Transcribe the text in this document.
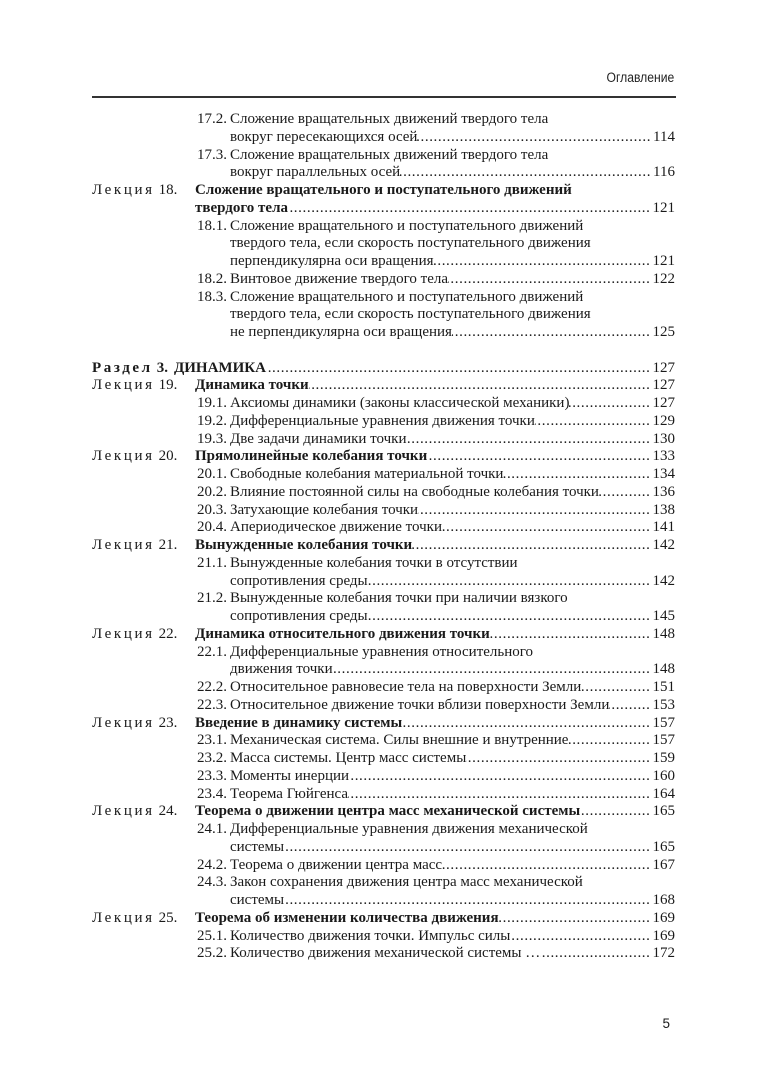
Оглавление
17.2. Сложение вращательных движений твердого тела
вокруг пересекающихся осей .....	114
17.3. Сложение вращательных движений твердого тела
вокруг параллельных осей .....	116
Лекция 18.	Сложение вращательного и поступательного движений
твердого тела .....	121
18.1. Сложение вращательного и поступательного движений
твердого тела, если скорость поступательного движения
перпендикулярна оси вращения .....	121
18.2. Винтовое движение твердого тела .....	122
18.3. Сложение вращательного и поступательного движений
твердого тела, если скорость поступательного движения
не перпендикулярна оси вращения .....	125
Раздел 3. ДИНАМИКА .....	127
Лекция 19.	Динамика точки .....	127
19.1. Аксиомы динамики (законы классической механики) .....	127
19.2. Дифференциальные уравнения движения точки .....	129
19.3. Две задачи динамики точки .....	130
Лекция 20.	Прямолинейные колебания точки .....	133
20.1. Свободные колебания материальной точки .....	134
20.2. Влияние постоянной силы на свободные колебания точки .....	136
20.3. Затухающие колебания точки .....	138
20.4. Апериодическое движение точки .....	141
Лекция 21.	Вынужденные колебания точки .....	142
21.1. Вынужденные колебания точки в отсутствии
сопротивления среды .....	142
21.2. Вынужденные колебания точки при наличии вязкого
сопротивления среды .....	145
Лекция 22.	Динамика относительного движения точки .....	148
22.1. Дифференциальные уравнения относительного
движения точки .....	148
22.2. Относительное равновесие тела на поверхности Земли .....	151
22.3. Относительное движение точки вблизи поверхности Земли .....	153
Лекция 23.	Введение в динамику системы .....	157
23.1. Механическая система. Силы внешние и внутренние .....	157
23.2. Масса системы. Центр масс системы .....	159
23.3. Моменты инерции .....	160
23.4. Теорема Гюйгенса .....	164
Лекция 24.	Теорема о движении центра масс механической системы .....	165
24.1. Дифференциальные уравнения движения механической
системы .....	165
24.2. Теорема о движении центра масс .....	167
24.3. Закон сохранения движения центра масс механической
системы .....	168
Лекция 25.	Теорема об изменении количества движения .....	169
25.1. Количество движения точки. Импульс силы .....	169
25.2. Количество движения механической системы … .....	172
5
